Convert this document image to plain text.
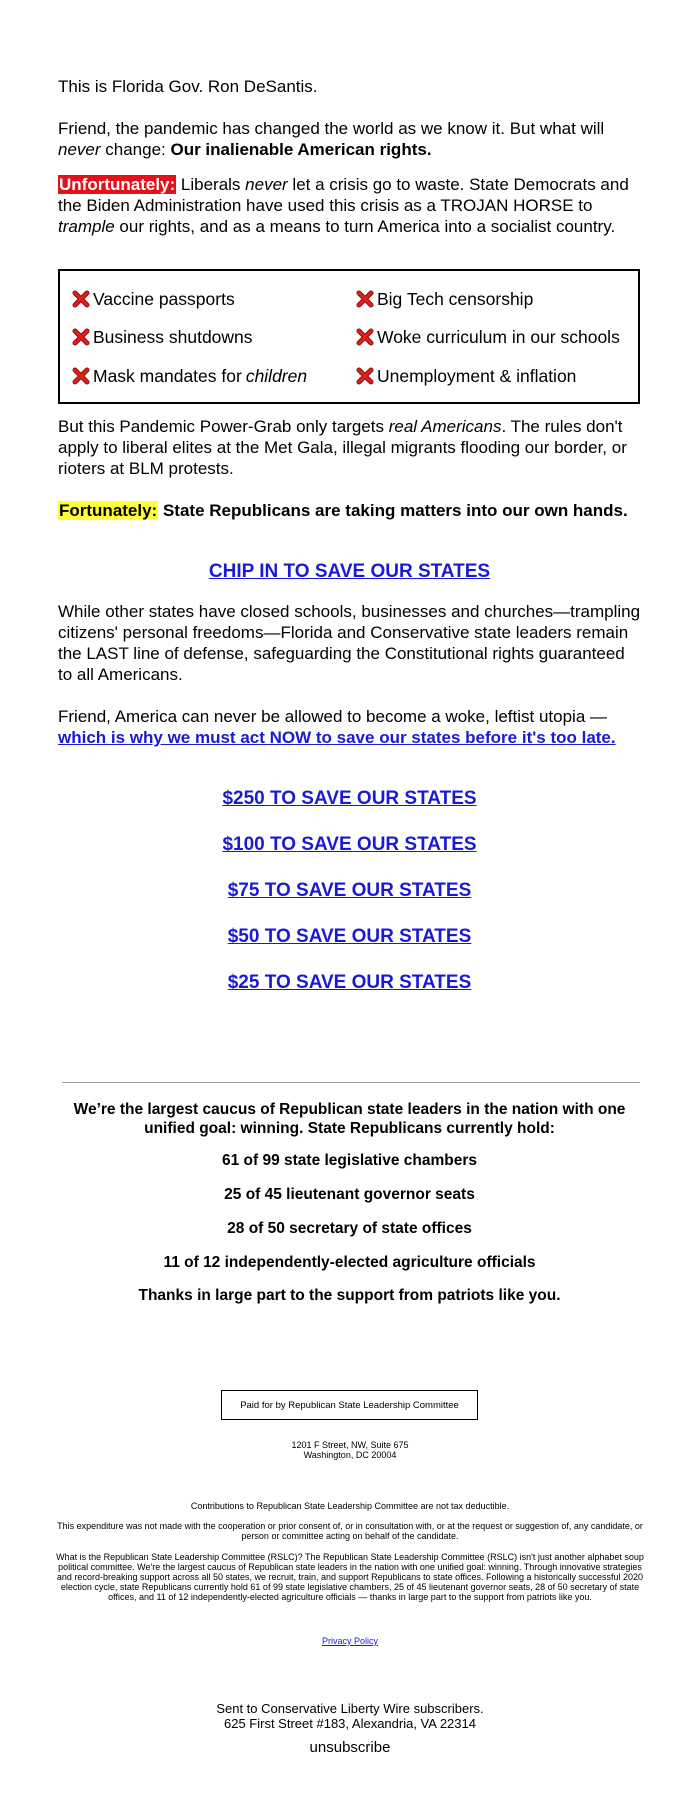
This is Florida Gov. Ron DeSantis.

Friend, the pandemic has changed the world as we know it. But what will never change: Our inalienable American rights.

Unfortunately: Liberals never let a crisis go to waste. State Democrats and the Biden Administration have used this crisis as a TROJAN HORSE to trample our rights, and as a means to turn America into a socialist country.

Vaccine passports	Big Tech censorship
Business shutdowns	Woke curriculum in our schools
Mask mandates for children	Unemployment & inflation

But this Pandemic Power-Grab only targets real Americans. The rules don't apply to liberal elites at the Met Gala, illegal migrants flooding our border, or rioters at BLM protests.

Fortunately: State Republicans are taking matters into our own hands.

CHIP IN TO SAVE OUR STATES

While other states have closed schools, businesses and churches—trampling citizens' personal freedoms—Florida and Conservative state leaders remain the LAST line of defense, safeguarding the Constitutional rights guaranteed to all Americans.

Friend, America can never be allowed to become a woke, leftist utopia — which is why we must act NOW to save our states before it's too late.

$250 TO SAVE OUR STATES
$100 TO SAVE OUR STATES
$75 TO SAVE OUR STATES
$50 TO SAVE OUR STATES
$25 TO SAVE OUR STATES

We’re the largest caucus of Republican state leaders in the nation with one unified goal: winning. State Republicans currently hold:

61 of 99 state legislative chambers

25 of 45 lieutenant governor seats

28 of 50 secretary of state offices

11 of 12 independently-elected agriculture officials

Thanks in large part to the support from patriots like you.

Paid for by Republican State Leadership Committee

1201 F Street, NW, Suite 675
Washington, DC 20004

Contributions to Republican State Leadership Committee are not tax deductible.

This expenditure was not made with the cooperation or prior consent of, or in consultation with, or at the request or suggestion of, any candidate, or person or committee acting on behalf of the candidate.

What is the Republican State Leadership Committee (RSLC)? The Republican State Leadership Committee (RSLC) isn't just another alphabet soup political committee. We're the largest caucus of Republican state leaders in the nation with one unified goal: winning. Through innovative strategies and record-breaking support across all 50 states, we recruit, train, and support Republicans to state offices. Following a historically successful 2020 election cycle, state Republicans currently hold 61 of 99 state legislative chambers, 25 of 45 lieutenant governor seats, 28 of 50 secretary of state offices, and 11 of 12 independently-elected agriculture officials — thanks in large part to the support from patriots like you.

Privacy Policy

Sent to Conservative Liberty Wire subscribers.
625 First Street #183, Alexandria, VA 22314

unsubscribe
